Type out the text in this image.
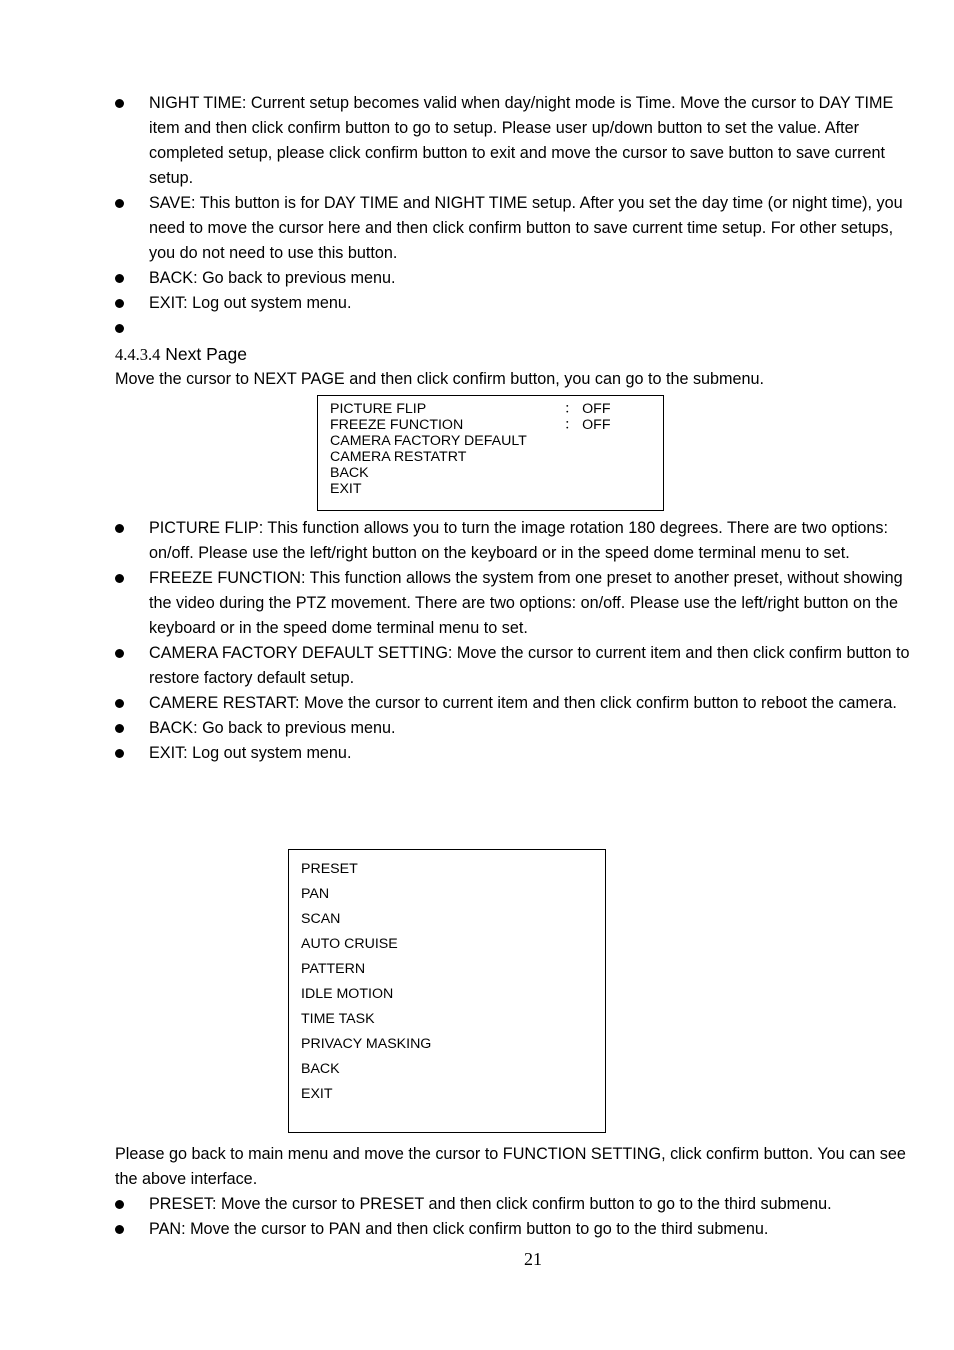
NIGHT TIME: Current setup becomes valid when day/night mode is Time. Move the cursor to DAY TIME item and then click confirm button to go to setup. Please user up/down button to set the value. After completed setup, please click confirm button to exit and move the cursor to save button to save current setup.
SAVE: This button is for DAY TIME and NIGHT TIME setup. After you set the day time (or night time), you need to move the cursor here and then click confirm button to save current time setup. For other setups, you do not need to use this button.
BACK: Go back to previous menu.
EXIT: Log out system menu.
4.4.3.4 Next Page
Move the cursor to NEXT PAGE and then click confirm button, you can go to the submenu.
PICTURE FLIP	： OFF
FREEZE FUNCTION	： OFF
CAMERA FACTORY DEFAULT
CAMERA RESTATRT
BACK
EXIT
PICTURE FLIP: This function allows you to turn the image rotation 180 degrees. There are two options: on/off. Please use the left/right button on the keyboard or in the speed dome terminal menu to set.
FREEZE FUNCTION: This function allows the system from one preset to another preset, without showing the video during the PTZ movement. There are two options: on/off. Please use the left/right button on the keyboard or in the speed dome terminal menu to set.
CAMERA FACTORY DEFAULT SETTING: Move the cursor to current item and then click confirm button to restore factory default setup.
CAMERE RESTART: Move the cursor to current item and then click confirm button to reboot the camera.
BACK: Go back to previous menu.
EXIT: Log out system menu.
PRESET
PAN
SCAN
AUTO CRUISE
PATTERN
IDLE MOTION
TIME TASK
PRIVACY MASKING
BACK
EXIT
Please go back to main menu and move the cursor to FUNCTION SETTING, click confirm button. You can see the above interface.
PRESET: Move the cursor to PRESET and then click confirm button to go to the third submenu.
PAN: Move the cursor to PAN and then click confirm button to go to the third submenu.
21
